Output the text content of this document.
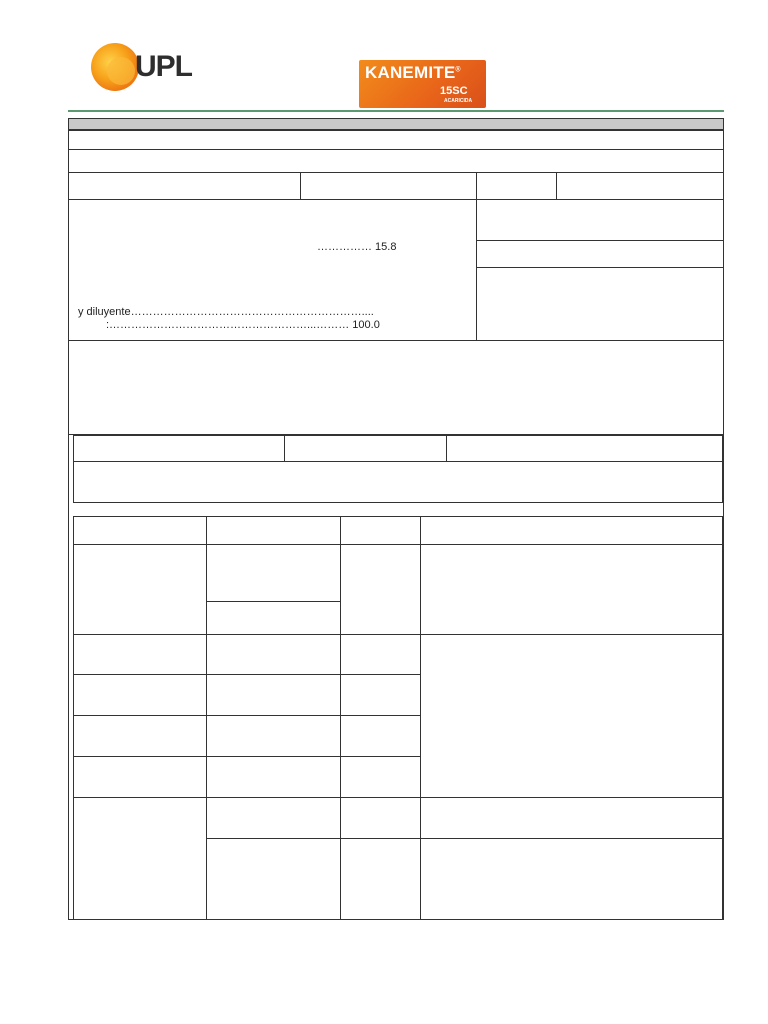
UPL	KANEMITE®
15SC
ACARICIDA
…………… 15.8
y diluyente………………………………………………………....
:………………………………………………...……… 100.0
